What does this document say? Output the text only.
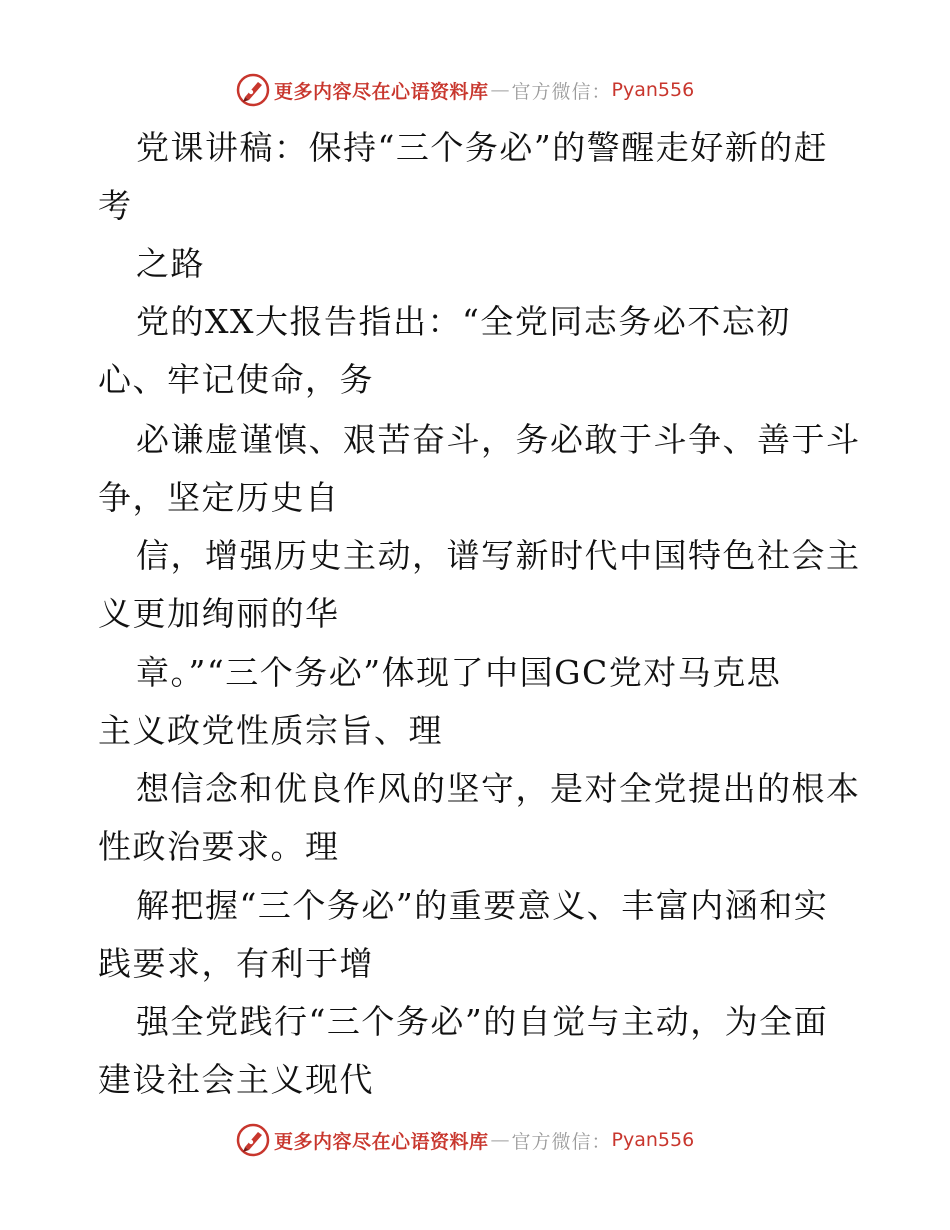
更多内容尽在心语资料库 — 官方微信： Pyan556
党课讲稿：保持“三个务必”的警醒走好新的赶
考
之路
党的XX大报告指出：“全党同志务必不忘初
心、牢记使命，务
必谦虚谨慎、艰苦奋斗，务必敢于斗争、善于斗
争，坚定历史自
信，增强历史主动，谱写新时代中国特色社会主
义更加绚丽的华
章。”“三个务必”体现了中国GC党对马克思
主义政党性质宗旨、理
想信念和优良作风的坚守，是对全党提出的根本
性政治要求。理
解把握“三个务必”的重要意义、丰富内涵和实
践要求，有利于增
强全党践行“三个务必”的自觉与主动，为全面
建设社会主义现代
更多内容尽在心语资料库 — 官方微信： Pyan556
